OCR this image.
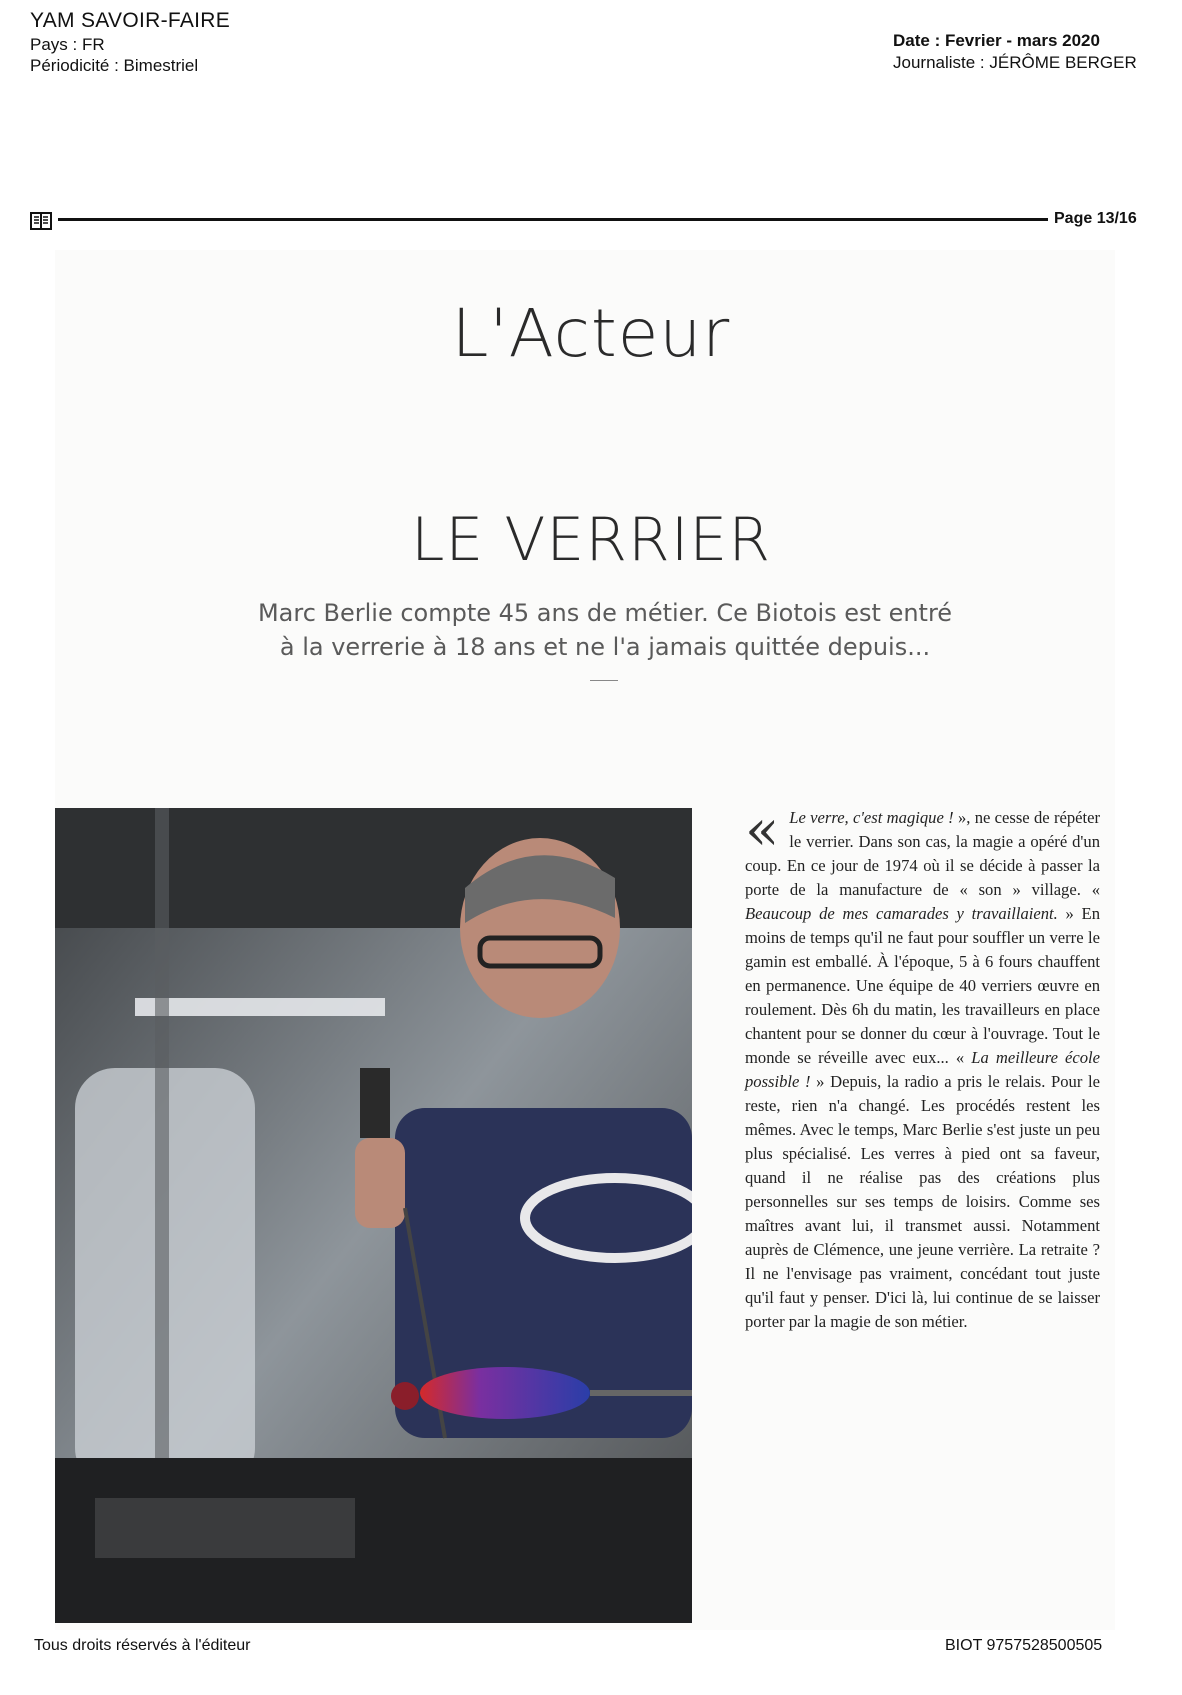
YAM SAVOIR-FAIRE
Pays : FR
Périodicité : Bimestriel
Date : Fevrier - mars 2020
Journaliste : JÉRÔME BERGER
Page 13/16
L'Acteur
LE VERRIER
Marc Berlie compte 45 ans de métier. Ce Biotois est entré
à la verrerie à 18 ans et ne l'a jamais quittée depuis...

« Le verre, c'est magique ! », ne cesse de répéter le verrier. Dans son cas, la magie a opéré d'un coup. En ce jour de 1974 où il se décide à passer la porte de la manufacture de « son » village. « Beaucoup de mes camarades y travaillaient. » En moins de temps qu'il ne faut pour souffler un verre le gamin est emballé. À l'époque, 5 à 6 fours chauffent en permanence. Une équipe de 40 verriers œuvre en roulement. Dès 6h du matin, les travailleurs en place chantent pour se donner du cœur à l'ouvrage. Tout le monde se réveille avec eux... « La meilleure école possible ! » Depuis, la radio a pris le relais. Pour le reste, rien n'a changé. Les procédés restent les mêmes. Avec le temps, Marc Berlie s'est juste un peu plus spécialisé. Les verres à pied ont sa faveur, quand il ne réalise pas des créations plus personnelles sur ses temps de loisirs. Comme ses maîtres avant lui, il transmet aussi. Notamment auprès de Clémence, une jeune verrière. La retraite ? Il ne l'envisage pas vraiment, concédant tout juste qu'il faut y penser. D'ici là, lui continue de se laisser porter par la magie de son métier.

Tous droits réservés à l'éditeur	BIOT 9757528500505
